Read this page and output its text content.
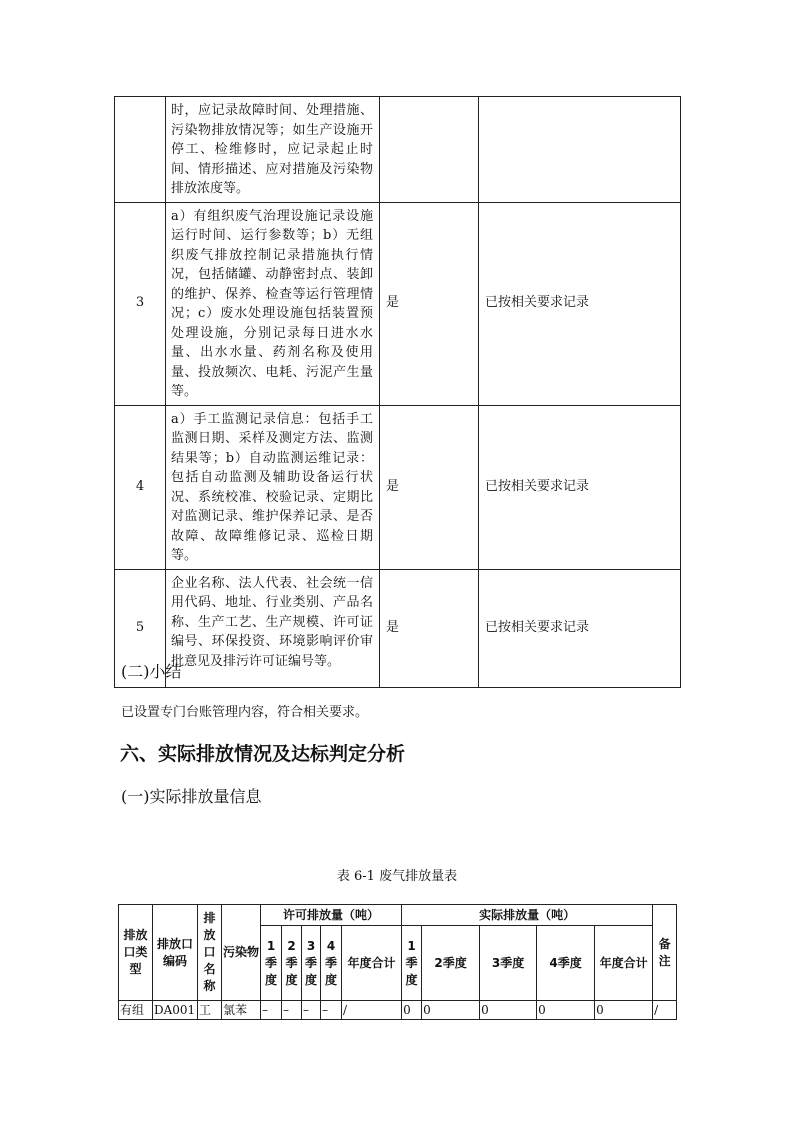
	时，应记录故障时间、处理措施、污染物排放情况等；如生产设施开停工、检维修时，应记录起止时间、情形描述、应对措施及污染物排放浓度等。		
3	a）有组织废气治理设施记录设施运行时间、运行参数等；b）无组织废气排放控制记录措施执行情况，包括储罐、动静密封点、装卸的维护、保养、检查等运行管理情况；c）废水处理设施包括装置预处理设施，分别记录每日进水水量、出水水量、药剂名称及使用量、投放频次、电耗、污泥产生量等。	是	已按相关要求记录
4	a）手工监测记录信息：包括手工监测日期、采样及测定方法、监测结果等；b）自动监测运维记录：包括自动监测及辅助设备运行状况、系统校准、校验记录、定期比对监测记录、维护保养记录、是否故障、故障维修记录、巡检日期等。	是	已按相关要求记录
5	企业名称、法人代表、社会统一信用代码、地址、行业类别、产品名称、生产工艺、生产规模、许可证编号、环保投资、环境影响评价审批意见及排污许可证编号等。	是	已按相关要求记录
(二)小结
已设置专门台账管理内容，符合相关要求。
六、实际排放情况及达标判定分析
(一)实际排放量信息
表 6-1 废气排放量表
排放口类型	排放口编码	排放口名称	污染物	许可排放量（吨）					实际排放量（吨）					备注
				1季度	2季度	3季度	4季度	年度合计	1季度	2季度	3季度	4季度	年度合计	
有组	DA001	工	氯苯	–	–	–	–	/	0	0	0	0	0	/
